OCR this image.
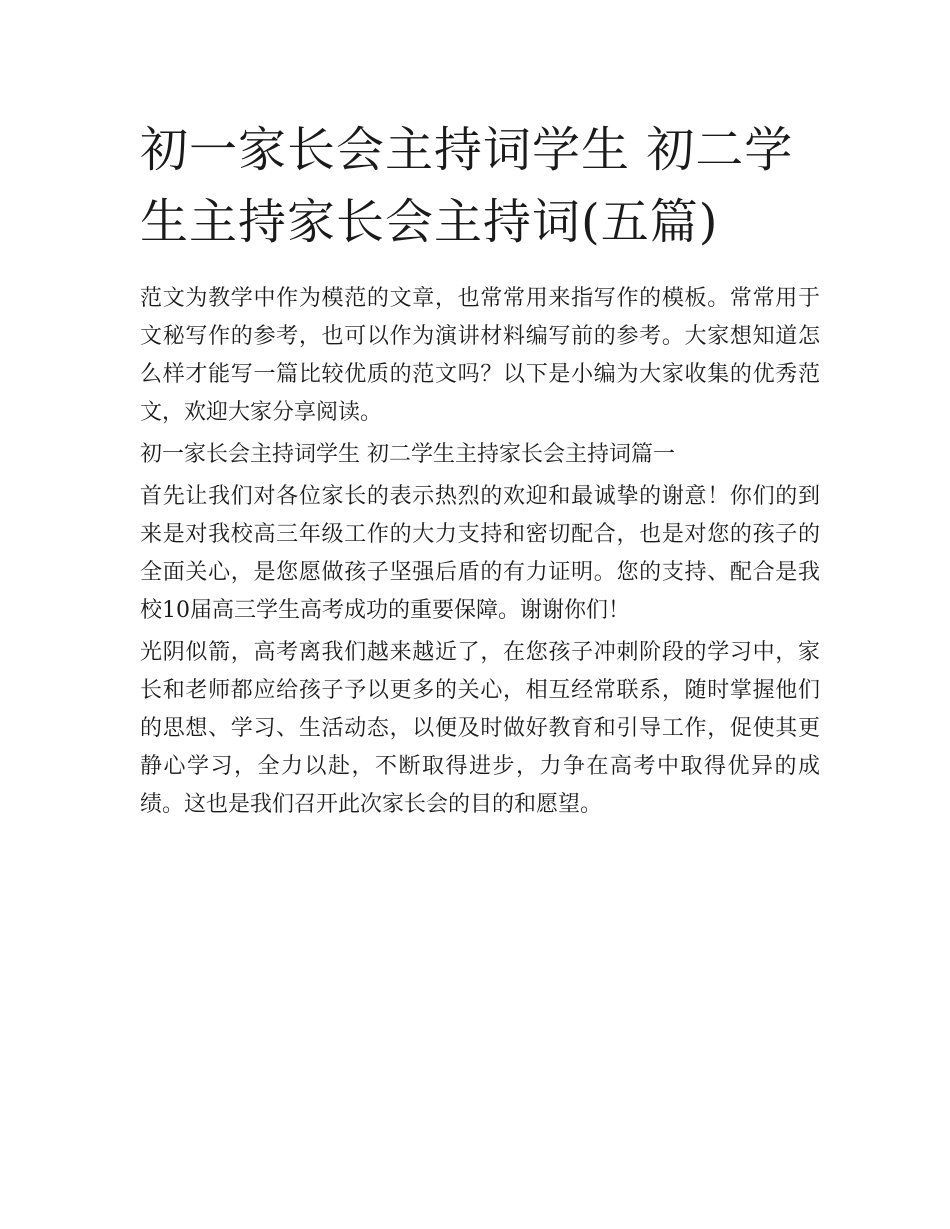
初一家长会主持词学生 初二学生主持家长会主持词(五篇)

范文为教学中作为模范的文章，也常常用来指写作的模板。常常用于文秘写作的参考，也可以作为演讲材料编写前的参考。大家想知道怎么样才能写一篇比较优质的范文吗？以下是小编为大家收集的优秀范文，欢迎大家分享阅读。

初一家长会主持词学生 初二学生主持家长会主持词篇一

首先让我们对各位家长的表示热烈的欢迎和最诚挚的谢意！你们的到来是对我校高三年级工作的大力支持和密切配合，也是对您的孩子的全面关心，是您愿做孩子坚强后盾的有力证明。您的支持、配合是我校10届高三学生高考成功的重要保障。谢谢你们！

光阴似箭，高考离我们越来越近了，在您孩子冲刺阶段的学习中，家长和老师都应给孩子予以更多的关心，相互经常联系，随时掌握他们的思想、学习、生活动态，以便及时做好教育和引导工作，促使其更静心学习，全力以赴，不断取得进步，力争在高考中取得优异的成绩。这也是我们召开此次家长会的目的和愿望。
